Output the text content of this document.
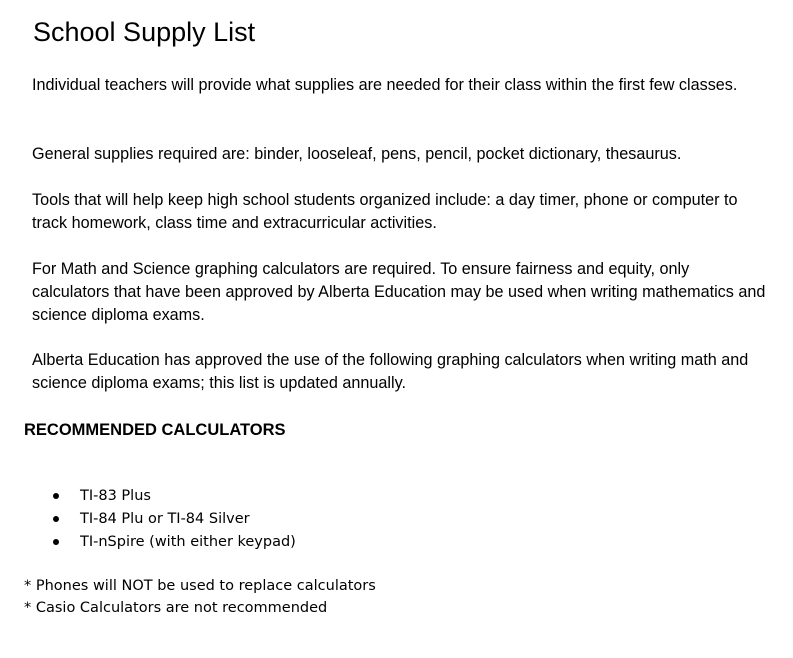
School Supply List

Individual teachers will provide what supplies are needed for their class within the first few classes.

General supplies required are: binder, looseleaf, pens, pencil, pocket dictionary, thesaurus.

Tools that will help keep high school students organized include: a day timer, phone or computer to track homework, class time and extracurricular activities.

For Math and Science graphing calculators are required. To ensure fairness and equity, only calculators that have been approved by Alberta Education may be used when writing mathematics and science diploma exams.

Alberta Education has approved the use of the following graphing calculators when writing math and science diploma exams; this list is updated annually.

RECOMMENDED CALCULATORS
TI-83 Plus
TI-84 Plu or TI-84 Silver
TI-nSpire (with either keypad)

* Phones will NOT be used to replace calculators

* Casio Calculators are not recommended
